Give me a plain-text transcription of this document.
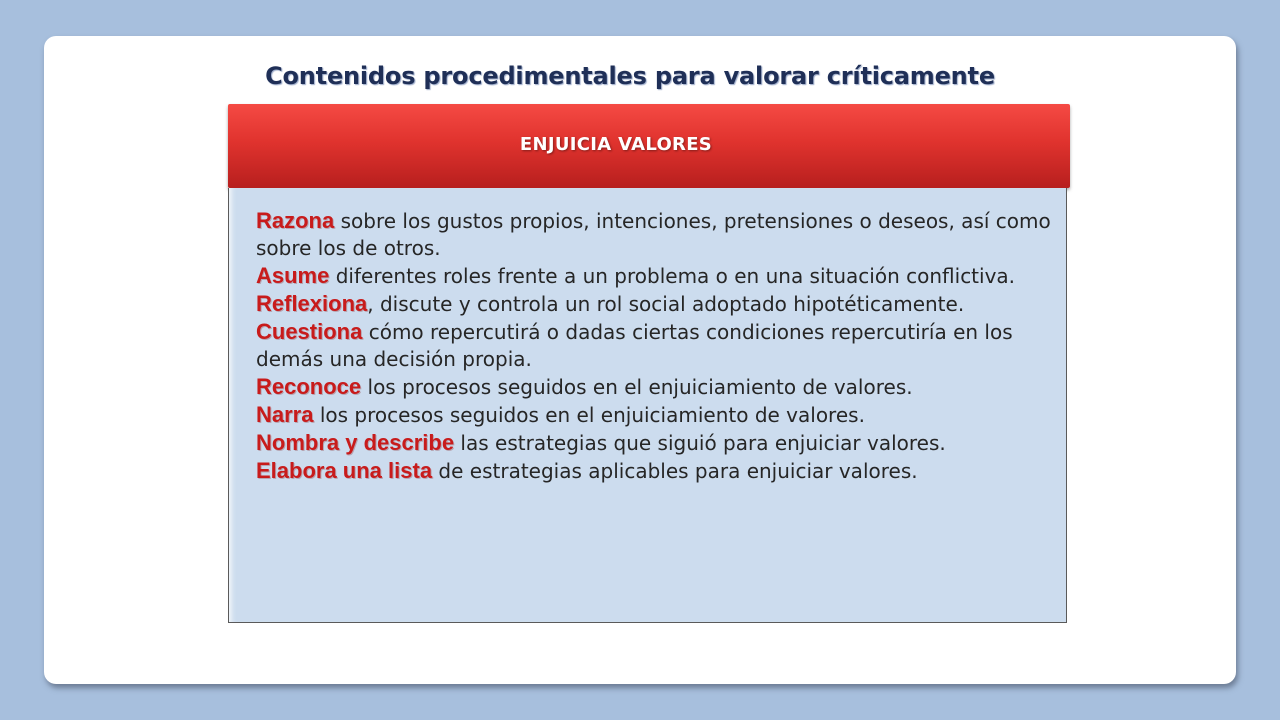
Contenidos procedimentales para valorar críticamente
ENJUICIA VALORES

Razona sobre los gustos propios, intenciones, pretensiones o deseos, así como sobre los de otros.

Asume diferentes roles frente a un problema o en una situación conflictiva.

Reflexiona, discute y controla un rol social adoptado hipotéticamente.

Cuestiona cómo repercutirá o dadas ciertas condiciones repercutiría en los demás una decisión propia.

Reconoce los procesos seguidos en el enjuiciamiento de valores.

Narra los procesos seguidos en el enjuiciamiento de valores.

Nombra y describe las estrategias que siguió para enjuiciar valores.

Elabora una lista de estrategias aplicables para enjuiciar valores.
